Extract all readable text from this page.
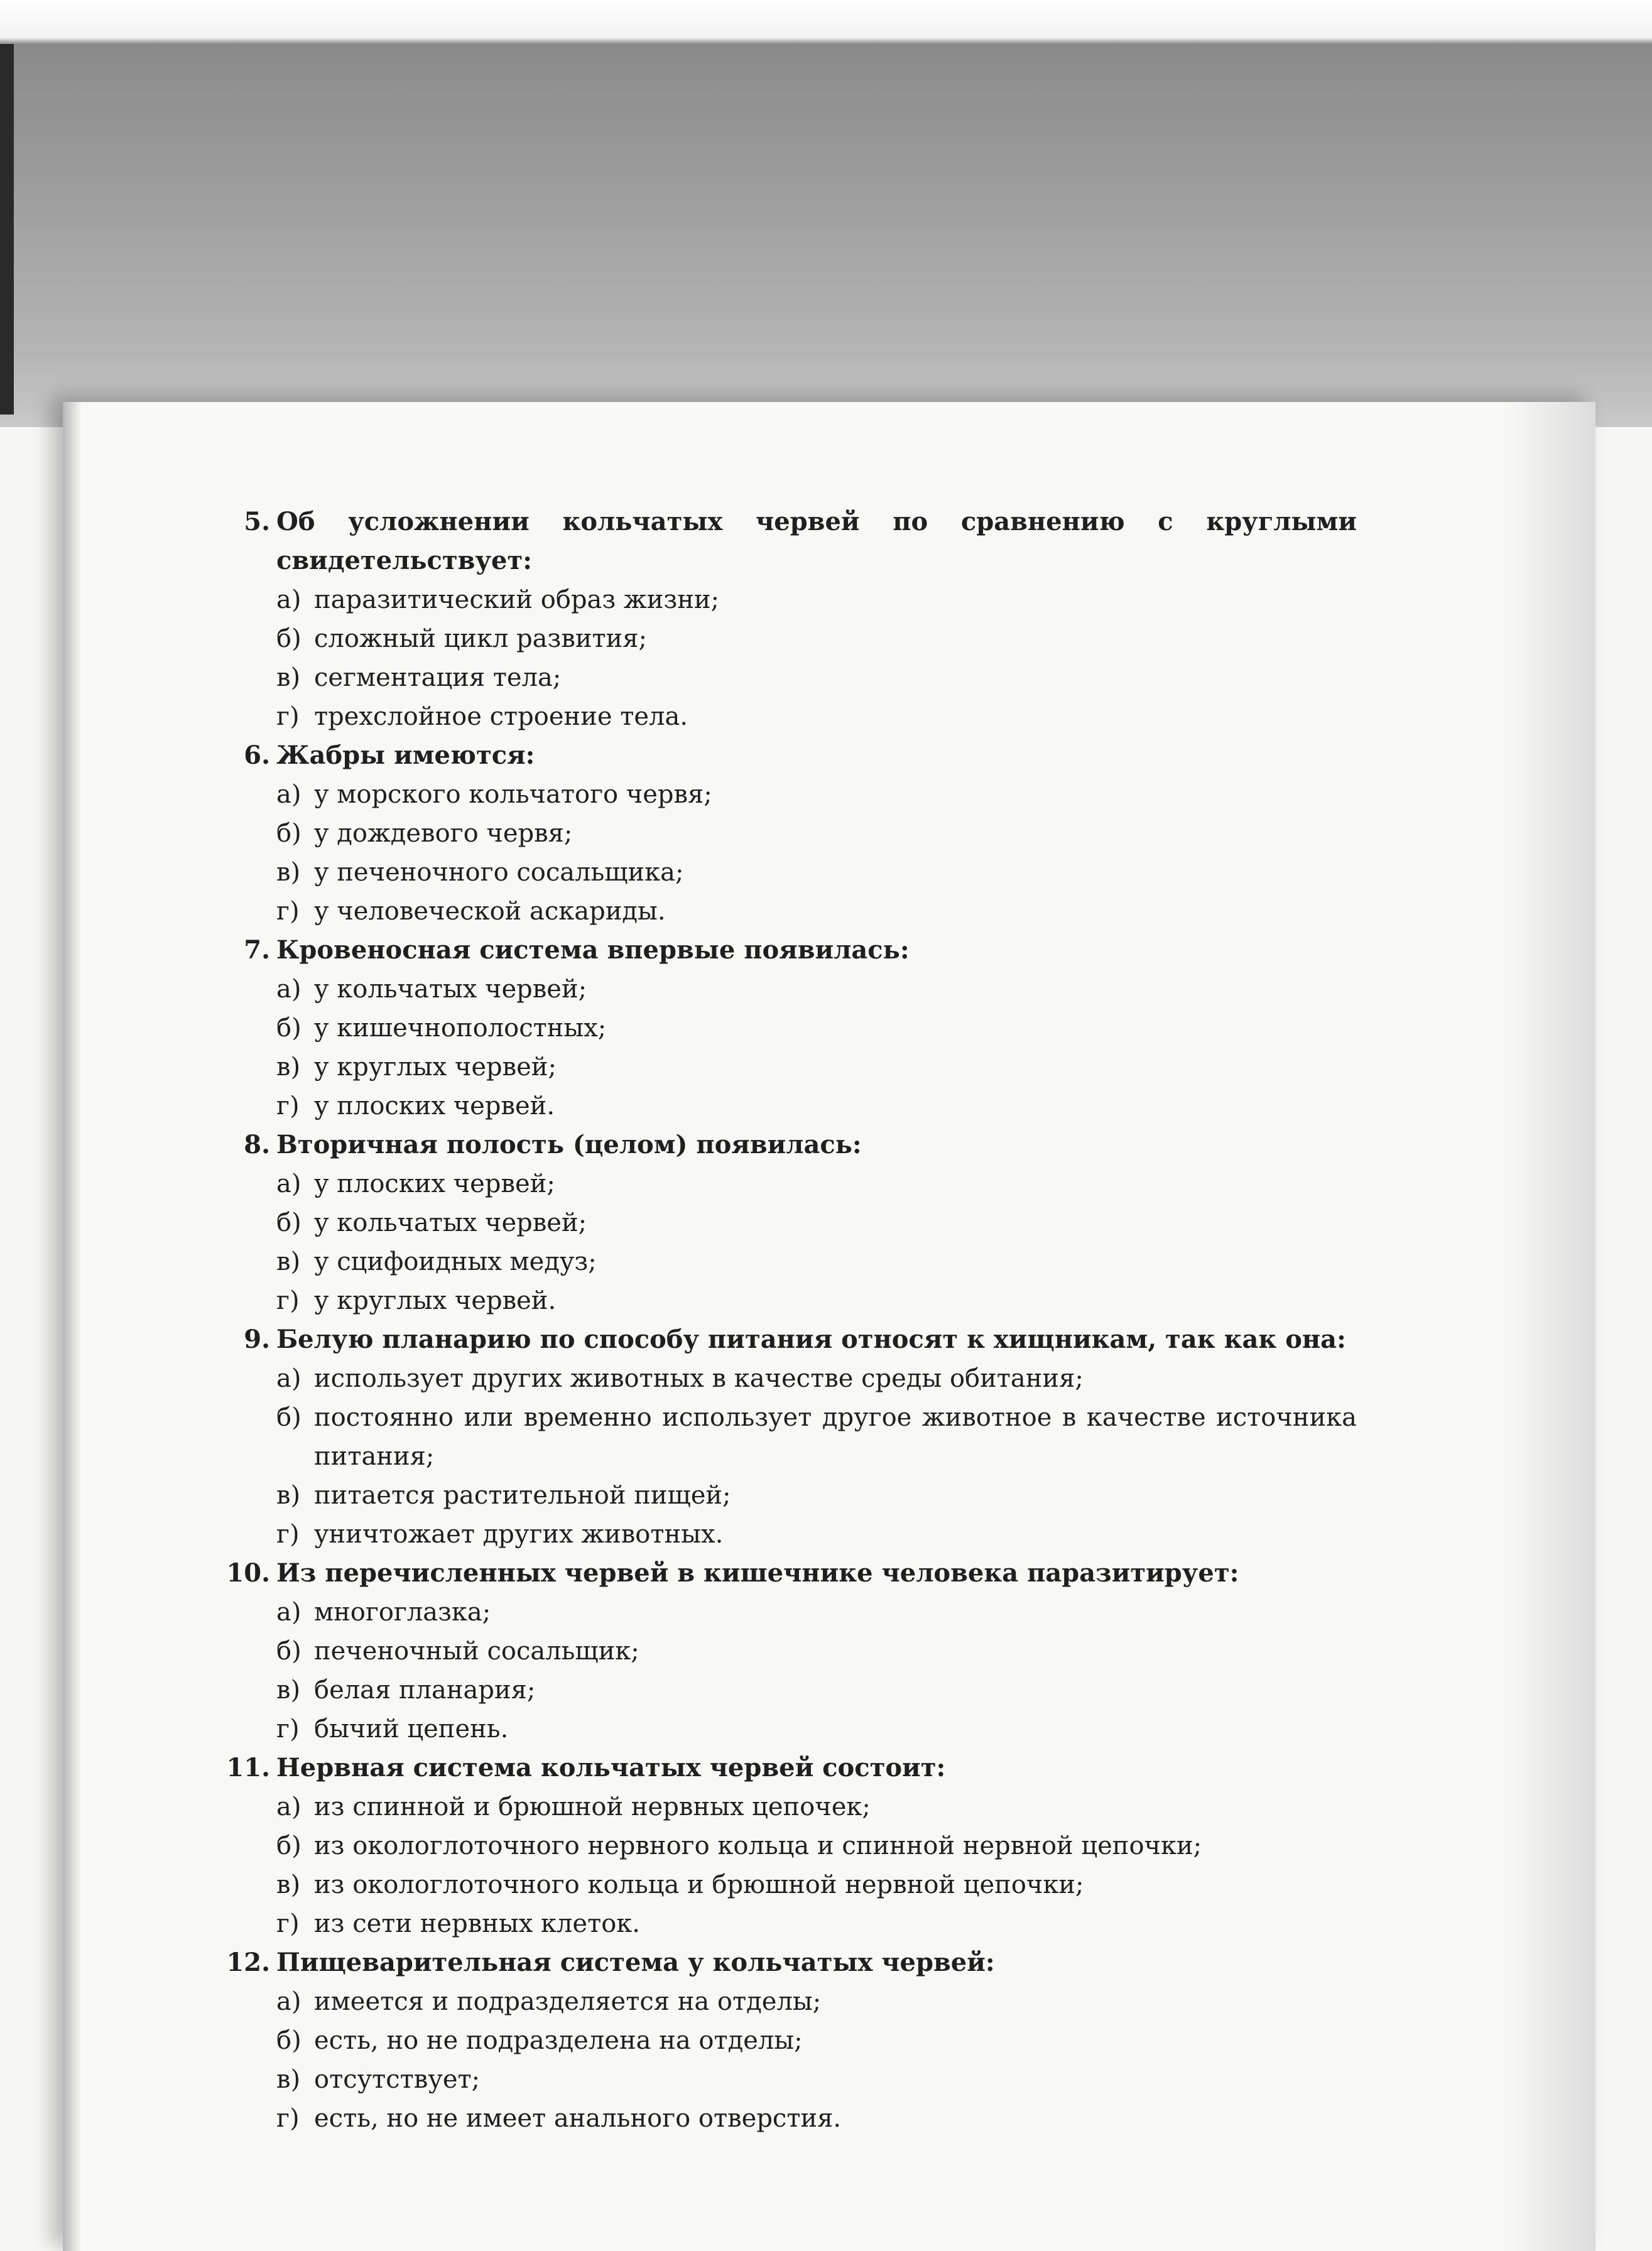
5. Об усложнении кольчатых червей по сравнению с круглыми свидетельствует:

а) паразитический образ жизни;

б) сложный цикл развития;

в) сегментация тела;

г) трехслойное строение тела.

6. Жабры имеются:

а) у морского кольчатого червя;

б) у дождевого червя;

в) у печеночного сосальщика;

г) у человеческой аскариды.

7. Кровеносная система впервые появилась:

а) у кольчатых червей;

б) у кишечнополостных;

в) у круглых червей;

г) у плоских червей.

8. Вторичная полость (целом) появилась:

а) у плоских червей;

б) у кольчатых червей;

в) у сцифоидных медуз;

г) у круглых червей.

9. Белую планарию по способу питания относят к хищникам, так как она:

а) использует других животных в качестве среды обитания;

б) постоянно или временно использует другое животное в качестве источника питания;

в) питается растительной пищей;

г) уничтожает других животных.

10. Из перечисленных червей в кишечнике человека паразитирует:

а) многоглазка;

б) печеночный сосальщик;

в) белая планария;

г) бычий цепень.

11. Нервная система кольчатых червей состоит:

а) из спинной и брюшной нервных цепочек;

б) из окологлоточного нервного кольца и спинной нервной цепочки;

в) из окологлоточного кольца и брюшной нервной цепочки;

г) из сети нервных клеток.

12. Пищеварительная система у кольчатых червей:

а) имеется и подразделяется на отделы;

б) есть, но не подразделена на отделы;

в) отсутствует;

г) есть, но не имеет анального отверстия.
